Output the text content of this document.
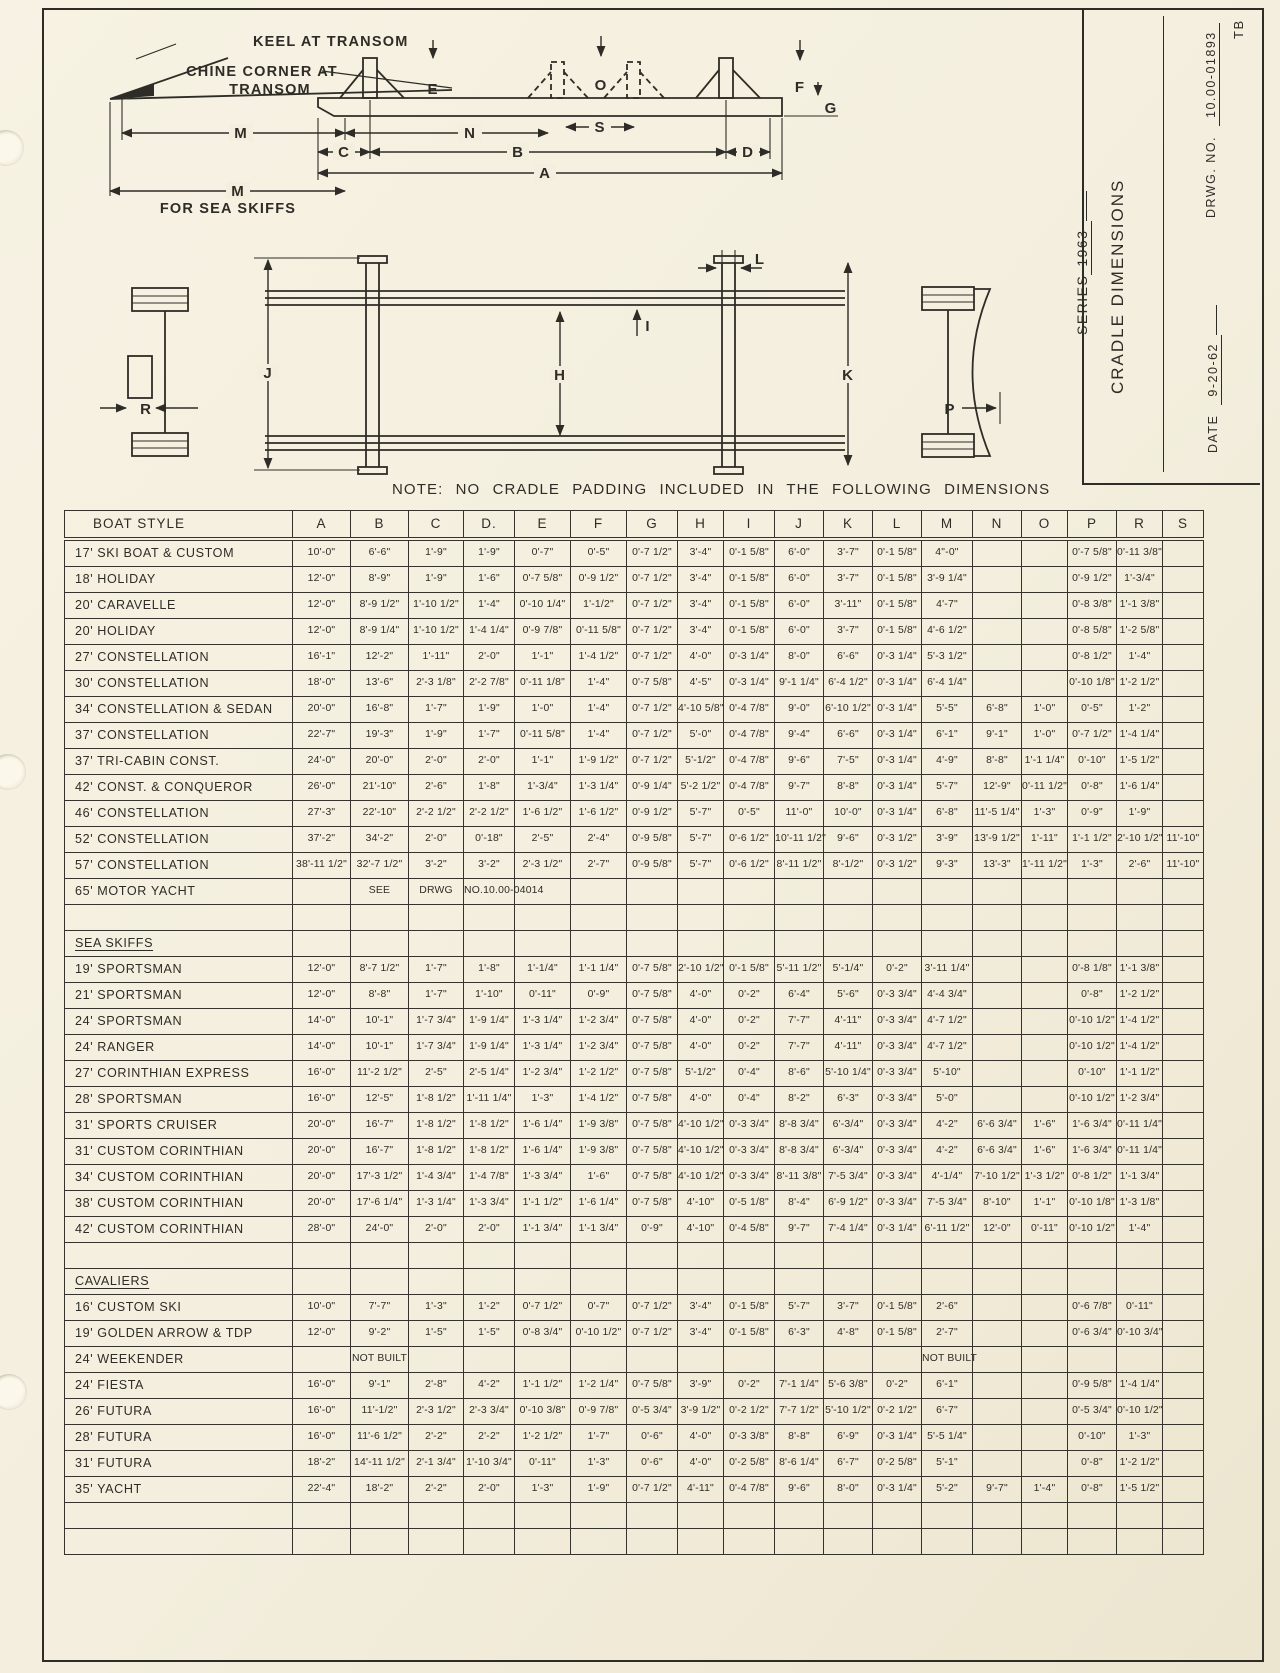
KEEL AT TRANSOM
CHINE CORNER AT
TRANSOM
FOR SEA SKIFFS
M	N	S
C	B	D
A
M
E	O	F
G
J	H
I
K
L
R	P
SERIES1963 CRADLE DIMENSIONS
DRWG. NO.10.00-01893
DATE9-20-62
TB
NOTE: NO CRADLE PADDING INCLUDED IN THE FOLLOWING DIMENSIONS
BOAT STYLE	A	B	C	D.	E	F	G	H	I	J	K	L	M	N	O	P	R	S
17' SKI BOAT & CUSTOM	10'-0"	6'-6"	1'-9"	1'-9"	0'-7"	0'-5"	0'-7 1/2"	3'-4"	0'-1 5/8"	6'-0"	3'-7"	0'-1 5/8"	4"-0"			0'-7 5/8"	0'-11 3/8"	
18' HOLIDAY	12'-0"	8'-9"	1'-9"	1'-6"	0'-7 5/8"	0'-9 1/2"	0'-7 1/2"	3'-4"	0'-1 5/8"	6'-0"	3'-7"	0'-1 5/8"	3'-9 1/4"			0'-9 1/2"	1'-3/4"	
20' CARAVELLE	12'-0"	8'-9 1/2"	1'-10 1/2"	1'-4"	0'-10 1/4"	1'-1/2"	0'-7 1/2"	3'-4"	0'-1 5/8"	6'-0"	3'-11"	0'-1 5/8"	4'-7"			0'-8 3/8"	1'-1 3/8"	
20' HOLIDAY	12'-0"	8'-9 1/4"	1'-10 1/2"	1'-4 1/4"	0'-9 7/8"	0'-11 5/8"	0'-7 1/2"	3'-4"	0'-1 5/8"	6'-0"	3'-7"	0'-1 5/8"	4'-6 1/2"			0'-8 5/8"	1'-2 5/8"	
27' CONSTELLATION	16'-1"	12'-2"	1'-11"	2'-0"	1'-1"	1'-4 1/2"	0'-7 1/2"	4'-0"	0'-3 1/4"	8'-0"	6'-6"	0'-3 1/4"	5'-3 1/2"			0'-8 1/2"	1'-4"	
30' CONSTELLATION	18'-0"	13'-6"	2'-3 1/8"	2'-2 7/8"	0'-11 1/8"	1'-4"	0'-7 5/8"	4'-5"	0'-3 1/4"	9'-1 1/4"	6'-4 1/2"	0'-3 1/4"	6'-4 1/4"			0'-10 1/8"	1'-2 1/2"	
34' CONSTELLATION & SEDAN	20'-0"	16'-8"	1'-7"	1'-9"	1'-0"	1'-4"	0'-7 1/2"	4'-10 5/8"	0'-4 7/8"	9'-0"	6'-10 1/2"	0'-3 1/4"	5'-5"	6'-8"	1'-0"	0'-5"	1'-2"	
37' CONSTELLATION	22'-7"	19'-3"	1'-9"	1'-7"	0'-11 5/8"	1'-4"	0'-7 1/2"	5'-0"	0'-4 7/8"	9'-4"	6'-6"	0'-3 1/4"	6'-1"	9'-1"	1'-0"	0'-7 1/2"	1'-4 1/4"	
37' TRI-CABIN CONST.	24'-0"	20'-0"	2'-0"	2'-0"	1'-1"	1'-9 1/2"	0'-7 1/2"	5'-1/2"	0'-4 7/8"	9'-6"	7'-5"	0'-3 1/4"	4'-9"	8'-8"	1'-1 1/4"	0'-10"	1'-5 1/2"	
42' CONST. & CONQUEROR	26'-0"	21'-10"	2'-6"	1'-8"	1'-3/4"	1'-3 1/4"	0'-9 1/4"	5'-2 1/2"	0'-4 7/8"	9'-7"	8'-8"	0'-3 1/4"	5'-7"	12'-9"	0'-11 1/2"	0'-8"	1'-6 1/4"	
46' CONSTELLATION	27'-3"	22'-10"	2'-2 1/2"	2'-2 1/2"	1'-6 1/2"	1'-6 1/2"	0'-9 1/2"	5'-7"	0'-5"	11'-0"	10'-0"	0'-3 1/4"	6'-8"	11'-5 1/4"	1'-3"	0'-9"	1'-9"	
52' CONSTELLATION	37'-2"	34'-2"	2'-0"	0'-18"	2'-5"	2'-4"	0'-9 5/8"	5'-7"	0'-6 1/2"	10'-11 1/2"	9'-6"	0'-3 1/2"	3'-9"	13'-9 1/2"	1'-11"	1'-1 1/2"	2'-10 1/2"	11'-10"
57' CONSTELLATION	38'-11 1/2"	32'-7 1/2"	3'-2"	3'-2"	2'-3 1/2"	2'-7"	0'-9 5/8"	5'-7"	0'-6 1/2"	8'-11 1/2"	8'-1/2"	0'-3 1/2"	9'-3"	13'-3"	1'-11 1/2"	1'-3"	2'-6"	11'-10"
65' MOTOR YACHT		SEE	DRWG	NO.10.00-04014														

SEA SKIFFS																		
19' SPORTSMAN	12'-0"	8'-7 1/2"	1'-7"	1'-8"	1'-1/4"	1'-1 1/4"	0'-7 5/8"	2'-10 1/2"	0'-1 5/8"	5'-11 1/2"	5'-1/4"	0'-2"	3'-11 1/4"			0'-8 1/8"	1'-1 3/8"	
21' SPORTSMAN	12'-0"	8'-8"	1'-7"	1'-10"	0'-11"	0'-9"	0'-7 5/8"	4'-0"	0'-2"	6'-4"	5'-6"	0'-3 3/4"	4'-4 3/4"			0'-8"	1'-2 1/2"	
24' SPORTSMAN	14'-0"	10'-1"	1'-7 3/4"	1'-9 1/4"	1'-3 1/4"	1'-2 3/4"	0'-7 5/8"	4'-0"	0'-2"	7'-7"	4'-11"	0'-3 3/4"	4'-7 1/2"			0'-10 1/2"	1'-4 1/2"	
24' RANGER	14'-0"	10'-1"	1'-7 3/4"	1'-9 1/4"	1'-3 1/4"	1'-2 3/4"	0'-7 5/8"	4'-0"	0'-2"	7'-7"	4'-11"	0'-3 3/4"	4'-7 1/2"			0'-10 1/2"	1'-4 1/2"	
27' CORINTHIAN EXPRESS	16'-0"	11'-2 1/2"	2'-5"	2'-5 1/4"	1'-2 3/4"	1'-2 1/2"	0'-7 5/8"	5'-1/2"	0'-4"	8'-6"	5'-10 1/4"	0'-3 3/4"	5'-10"			0'-10"	1'-1 1/2"	
28' SPORTSMAN	16'-0"	12'-5"	1'-8 1/2"	1'-11 1/4"	1'-3"	1'-4 1/2"	0'-7 5/8"	4'-0"	0'-4"	8'-2"	6'-3"	0'-3 3/4"	5'-0"			0'-10 1/2"	1'-2 3/4"	
31' SPORTS CRUISER	20'-0"	16'-7"	1'-8 1/2"	1'-8 1/2"	1'-6 1/4"	1'-9 3/8"	0'-7 5/8"	4'-10 1/2"	0'-3 3/4"	8'-8 3/4"	6'-3/4"	0'-3 3/4"	4'-2"	6'-6 3/4"	1'-6"	1'-6 3/4"	0'-11 1/4"	
31' CUSTOM CORINTHIAN	20'-0"	16'-7"	1'-8 1/2"	1'-8 1/2"	1'-6 1/4"	1'-9 3/8"	0'-7 5/8"	4'-10 1/2"	0'-3 3/4"	8'-8 3/4"	6'-3/4"	0'-3 3/4"	4'-2"	6'-6 3/4"	1'-6"	1'-6 3/4"	0'-11 1/4"	
34' CUSTOM CORINTHIAN	20'-0"	17'-3 1/2"	1'-4 3/4"	1'-4 7/8"	1'-3 3/4"	1'-6"	0'-7 5/8"	4'-10 1/2"	0'-3 3/4"	8'-11 3/8"	7'-5 3/4"	0'-3 3/4"	4'-1/4"	7'-10 1/2"	1'-3 1/2"	0'-8 1/2"	1'-1 3/4"	
38' CUSTOM CORINTHIAN	20'-0"	17'-6 1/4"	1'-3 1/4"	1'-3 3/4"	1'-1 1/2"	1'-6 1/4"	0'-7 5/8"	4'-10"	0'-5 1/8"	8'-4"	6'-9 1/2"	0'-3 3/4"	7'-5 3/4"	8'-10"	1'-1"	0'-10 1/8"	1'-3 1/8"	
42' CUSTOM CORINTHIAN	28'-0"	24'-0"	2'-0"	2'-0"	1'-1 3/4"	1'-1 3/4"	0'-9"	4'-10"	0'-4 5/8"	9'-7"	7'-4 1/4"	0'-3 1/4"	6'-11 1/2"	12'-0"	0'-11"	0'-10 1/2"	1'-4"	

CAVALIERS																		
16' CUSTOM SKI	10'-0"	7'-7"	1'-3"	1'-2"	0'-7 1/2"	0'-7"	0'-7 1/2"	3'-4"	0'-1 5/8"	5'-7"	3'-7"	0'-1 5/8"	2'-6"			0'-6 7/8"	0'-11"	
19' GOLDEN ARROW & TDP	12'-0"	9'-2"	1'-5"	1'-5"	0'-8 3/4"	0'-10 1/2"	0'-7 1/2"	3'-4"	0'-1 5/8"	6'-3"	4'-8"	0'-1 5/8"	2'-7"			0'-6 3/4"	0'-10 3/4"	
24' WEEKENDER		NOT BUILT											NOT BUILT					
24' FIESTA	16'-0"	9'-1"	2'-8"	4'-2"	1'-1 1/2"	1'-2 1/4"	0'-7 5/8"	3'-9"	0'-2"	7'-1 1/4"	5'-6 3/8"	0'-2"	6'-1"			0'-9 5/8"	1'-4 1/4"	
26' FUTURA	16'-0"	11'-1/2"	2'-3 1/2"	2'-3 3/4"	0'-10 3/8"	0'-9 7/8"	0'-5 3/4"	3'-9 1/2"	0'-2 1/2"	7'-7 1/2"	5'-10 1/2"	0'-2 1/2"	6'-7"			0'-5 3/4"	0'-10 1/2"	
28' FUTURA	16'-0"	11'-6 1/2"	2'-2"	2'-2"	1'-2 1/2"	1'-7"	0'-6"	4'-0"	0'-3 3/8"	8'-8"	6'-9"	0'-3 1/4"	5'-5 1/4"			0'-10"	1'-3"	
31' FUTURA	18'-2"	14'-11 1/2"	2'-1 3/4"	1'-10 3/4"	0'-11"	1'-3"	0'-6"	4'-0"	0'-2 5/8"	8'-6 1/4"	6'-7"	0'-2 5/8"	5'-1"			0'-8"	1'-2 1/2"	
35' YACHT	22'-4"	18'-2"	2'-2"	2'-0"	1'-3"	1'-9"	0'-7 1/2"	4'-11"	0'-4 7/8"	9'-6"	8'-0"	0'-3 1/4"	5'-2"	9'-7"	1'-4"	0'-8"	1'-5 1/2"	
